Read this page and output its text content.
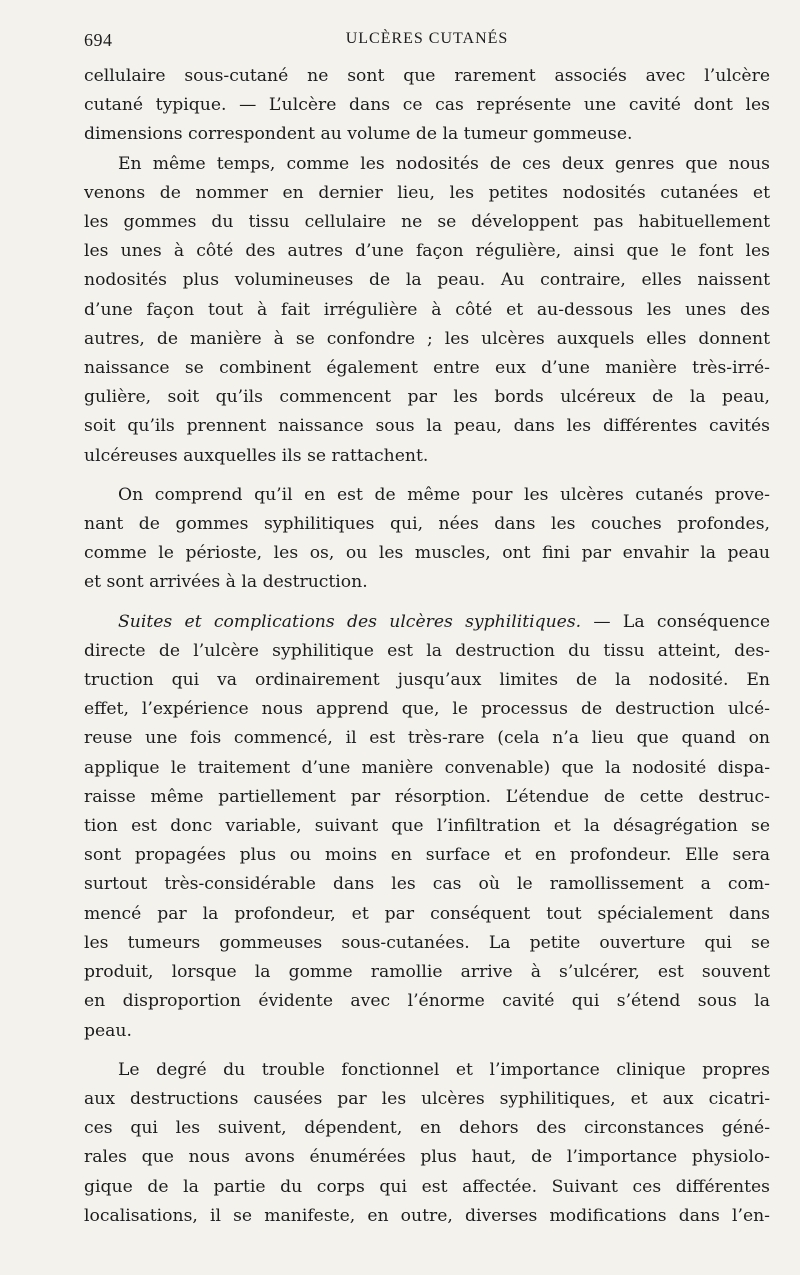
694	ULCÈRES CUTANÉS
cellulaire sous-cutané ne sont que rarement associés avec l’ulcère
cutané typique. — L’ulcère dans ce cas représente une cavité dont les
dimensions correspondent au volume de la tumeur gommeuse.
En même temps, comme les nodosités de ces deux genres que nous
venons de nommer en dernier lieu, les petites nodosités cutanées et
les gommes du tissu cellulaire ne se développent pas habituellement
les unes à côté des autres d’une façon régulière, ainsi que le font les
nodosités plus volumineuses de la peau. Au contraire, elles naissent
d’une façon tout à fait irrégulière à côté et au-dessous les unes des
autres, de manière à se confondre ; les ulcères auxquels elles donnent
naissance se combinent également entre eux d’une manière très-irré-
gulière, soit qu’ils commencent par les bords ulcéreux de la peau,
soit qu’ils prennent naissance sous la peau, dans les différentes cavités
ulcéreuses auxquelles ils se rattachent.
On comprend qu’il en est de même pour les ulcères cutanés prove-
nant de gommes syphilitiques qui, nées dans les couches profondes,
comme le périoste, les os, ou les muscles, ont fini par envahir la peau
et sont arrivées à la destruction.
Suites et complications des ulcères syphilitiques. — La conséquence
directe de l’ulcère syphilitique est la destruction du tissu atteint, des-
truction qui va ordinairement jusqu’aux limites de la nodosité. En
effet, l’expérience nous apprend que, le processus de destruction ulcé-
reuse une fois commencé, il est très-rare (cela n’a lieu que quand on
applique le traitement d’une manière convenable) que la nodosité dispa-
raisse même partiellement par résorption. L’étendue de cette destruc-
tion est donc variable, suivant que l’infiltration et la désagrégation se
sont propagées plus ou moins en surface et en profondeur. Elle sera
surtout très-considérable dans les cas où le ramollissement a com-
mencé par la profondeur, et par conséquent tout spécialement dans
les tumeurs gommeuses sous-cutanées. La petite ouverture qui se
produit, lorsque la gomme ramollie arrive à s’ulcérer, est souvent
en disproportion évidente avec l’énorme cavité qui s’étend sous la
peau.
Le degré du trouble fonctionnel et l’importance clinique propres
aux destructions causées par les ulcères syphilitiques, et aux cicatri-
ces qui les suivent, dépendent, en dehors des circonstances géné-
rales que nous avons énumérées plus haut, de l’importance physiolo-
gique de la partie du corps qui est affectée. Suivant ces différentes
localisations, il se manifeste, en outre, diverses modifications dans l’en-
